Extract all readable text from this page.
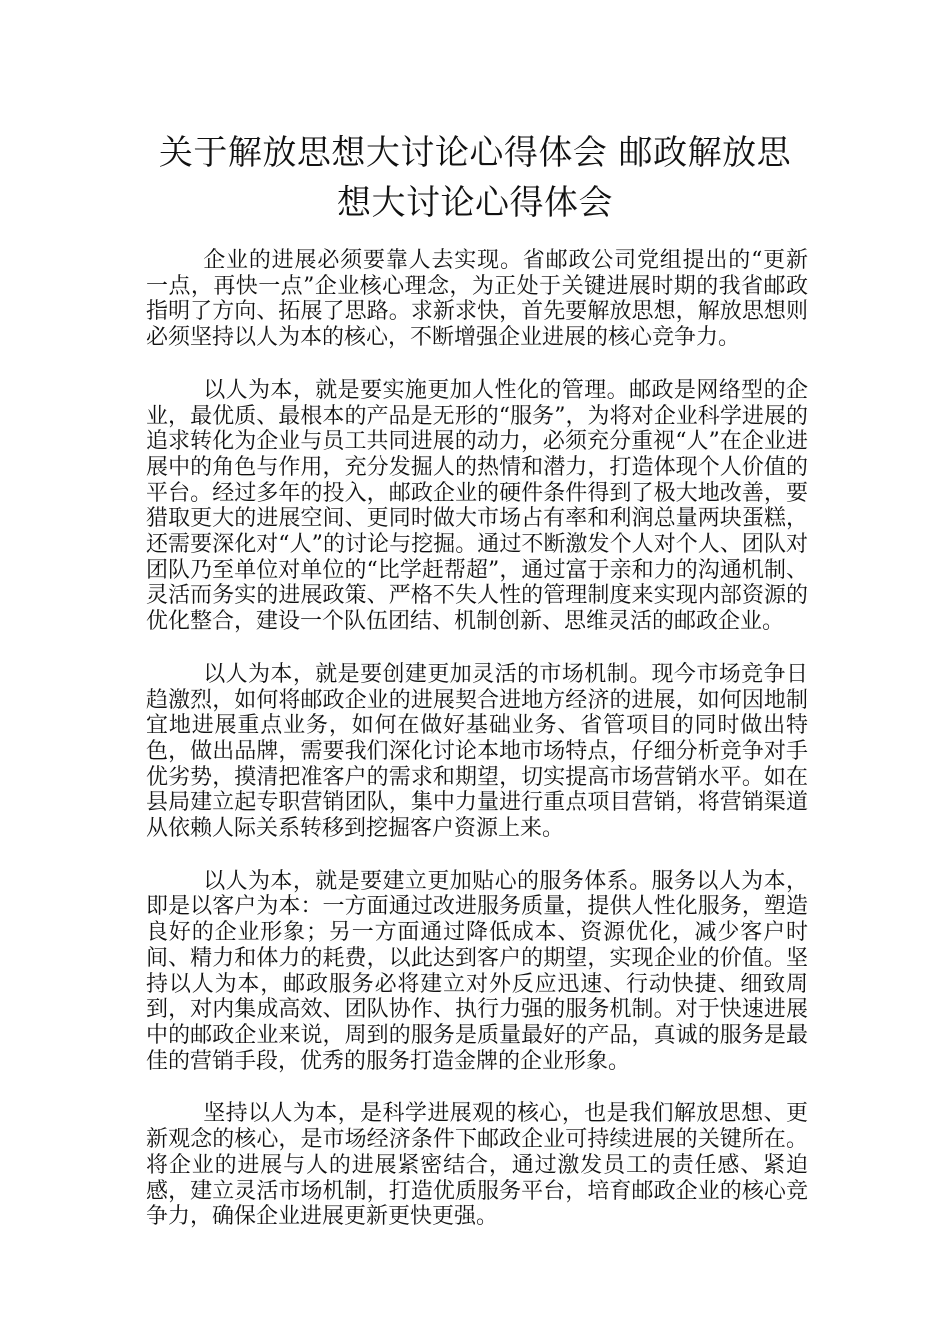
关于解放思想大讨论心得体会 邮政解放思想大讨论心得体会

企业的进展必须要靠人去实现。省邮政公司党组提出的“更新一点，再快一点”企业核心理念，为正处于关键进展时期的我省邮政指明了方向、拓展了思路。求新求快，首先要解放思想，解放思想则必须坚持以人为本的核心，不断增强企业进展的核心竞争力。

以人为本，就是要实施更加人性化的管理。邮政是网络型的企业，最优质、最根本的产品是无形的“服务”，为将对企业科学进展的追求转化为企业与员工共同进展的动力，必须充分重视“人”在企业进展中的角色与作用，充分发掘人的热情和潜力，打造体现个人价值的平台。经过多年的投入，邮政企业的硬件条件得到了极大地改善，要猎取更大的进展空间、更同时做大市场占有率和利润总量两块蛋糕，还需要深化对“人”的讨论与挖掘。通过不断激发个人对个人、团队对团队乃至单位对单位的“比学赶帮超”，通过富于亲和力的沟通机制、灵活而务实的进展政策、严格不失人性的管理制度来实现内部资源的优化整合，建设一个队伍团结、机制创新、思维灵活的邮政企业。

以人为本，就是要创建更加灵活的市场机制。现今市场竞争日趋激烈，如何将邮政企业的进展契合进地方经济的进展，如何因地制宜地进展重点业务，如何在做好基础业务、省管项目的同时做出特色，做出品牌，需要我们深化讨论本地市场特点，仔细分析竞争对手优劣势，摸清把准客户的需求和期望，切实提高市场营销水平。如在县局建立起专职营销团队，集中力量进行重点项目营销，将营销渠道从依赖人际关系转移到挖掘客户资源上来。

以人为本，就是要建立更加贴心的服务体系。服务以人为本，即是以客户为本：一方面通过改进服务质量，提供人性化服务，塑造良好的企业形象；另一方面通过降低成本、资源优化，减少客户时间、精力和体力的耗费，以此达到客户的期望，实现企业的价值。坚持以人为本，邮政服务必将建立对外反应迅速、行动快捷、细致周到，对内集成高效、团队协作、执行力强的服务机制。对于快速进展中的邮政企业来说，周到的服务是质量最好的产品，真诚的服务是最佳的营销手段，优秀的服务打造金牌的企业形象。

坚持以人为本，是科学进展观的核心，也是我们解放思想、更新观念的核心，是市场经济条件下邮政企业可持续进展的关键所在。将企业的进展与人的进展紧密结合，通过激发员工的责任感、紧迫感，建立灵活市场机制，打造优质服务平台，培育邮政企业的核心竞争力，确保企业进展更新更快更强。
